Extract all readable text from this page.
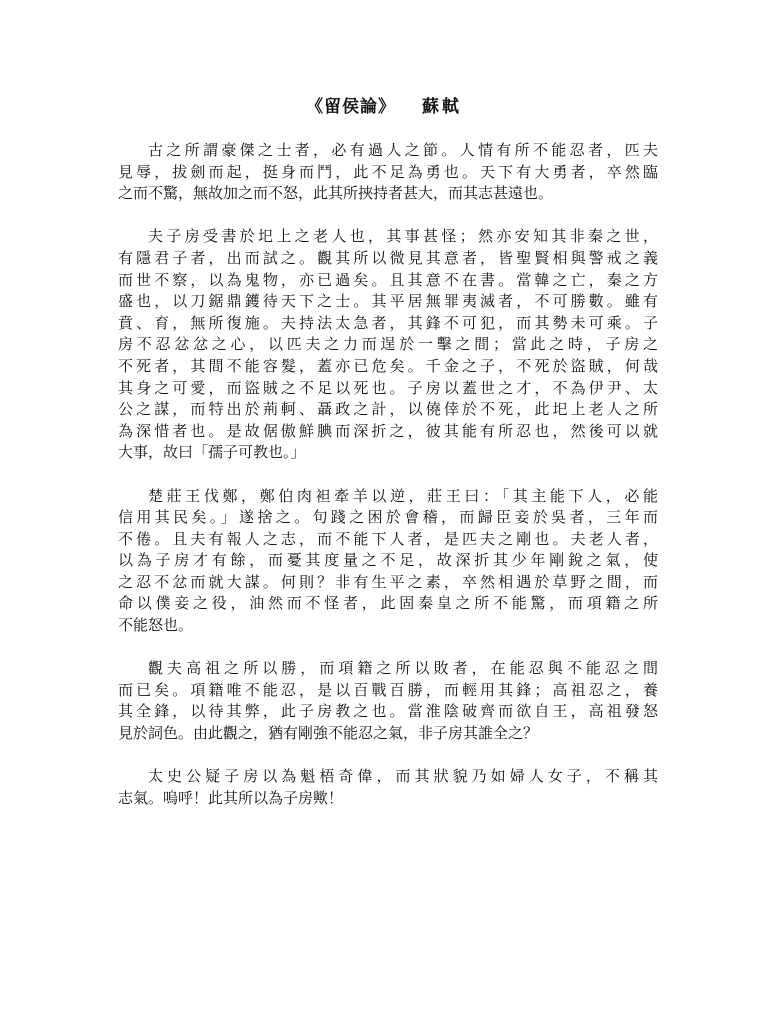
《留侯論》 蘇軾
古之所謂豪傑之士者，必有過人之節。人情有所不能忍者，匹夫
見辱，拔劍而起，挺身而鬥，此不足為勇也。天下有大勇者，卒然臨
之而不驚，無故加之而不怒，此其所挾持者甚大，而其志甚遠也。
夫子房受書於圯上之老人也，其事甚怪；然亦安知其非秦之世，
有隱君子者，出而試之。觀其所以微見其意者，皆聖賢相與警戒之義
而世不察，以為鬼物，亦已過矣。且其意不在書。當韓之亡，秦之方
盛也，以刀鋸鼎鑊待天下之士。其平居無罪夷滅者，不可勝數。雖有
賁、育，無所復施。夫持法太急者，其鋒不可犯，而其勢未可乘。子
房不忍忿忿之心，以匹夫之力而逞於一擊之間；當此之時，子房之
不死者，其間不能容髮，蓋亦已危矣。千金之子，不死於盜賊，何哉
其身之可愛，而盜賊之不足以死也。子房以蓋世之才，不為伊尹、太
公之謀，而特出於荊軻、聶政之計，以僥倖於不死，此圯上老人之所
為深惜者也。是故倨傲鮮腆而深折之，彼其能有所忍也，然後可以就
大事，故曰「孺子可教也。」
楚莊王伐鄭，鄭伯肉袒牽羊以逆，莊王曰：「其主能下人，必能
信用其民矣。」遂捨之。句踐之困於會稽，而歸臣妾於吳者，三年而
不倦。且夫有報人之志，而不能下人者，是匹夫之剛也。夫老人者，
以為子房才有餘，而憂其度量之不足，故深折其少年剛銳之氣，使
之忍不忿而就大謀。何則？非有生平之素，卒然相遇於草野之間，而
命以僕妾之役，油然而不怪者，此固秦皇之所不能驚，而項籍之所
不能怒也。
觀夫高祖之所以勝，而項籍之所以敗者，在能忍與不能忍之間
而已矣。項籍唯不能忍，是以百戰百勝，而輕用其鋒；高祖忍之，養
其全鋒，以待其弊，此子房教之也。當淮陰破齊而欲自王，高祖發怒
見於詞色。由此觀之，猶有剛強不能忍之氣，非子房其誰全之？
太史公疑子房以為魁梧奇偉，而其狀貌乃如婦人女子，不稱其
志氣。嗚呼！此其所以為子房歟！
